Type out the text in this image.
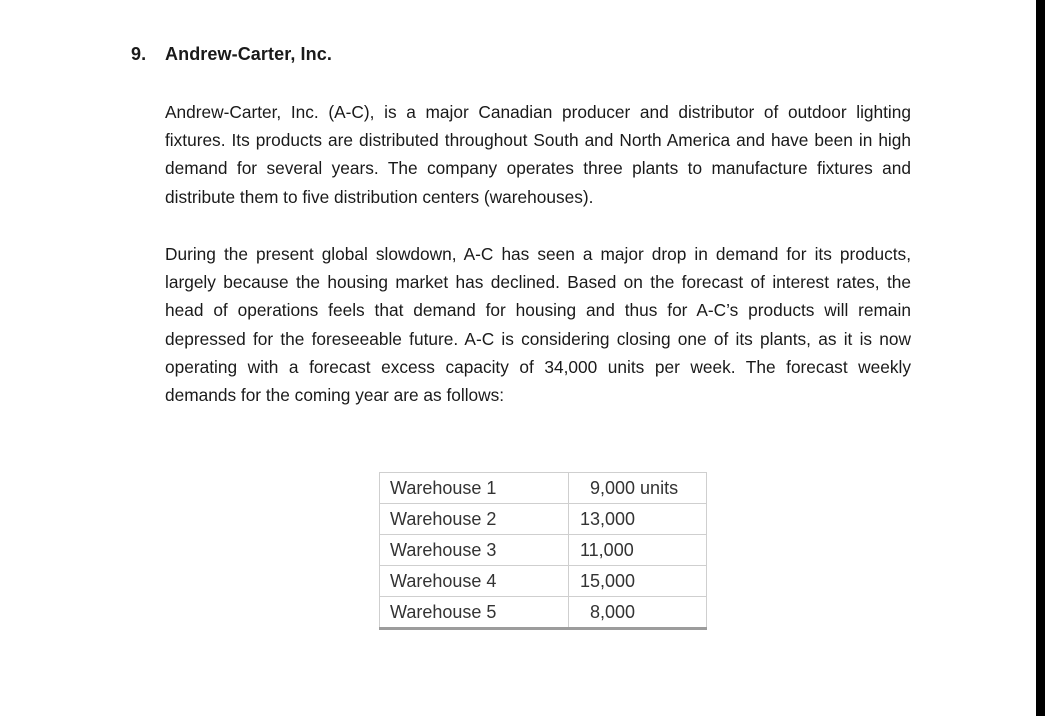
9. Andrew-Carter, Inc.

Andrew-Carter, Inc. (A-C), is a major Canadian producer and distributor of outdoor lighting fixtures. Its products are distributed throughout South and North America and have been in high demand for several years. The company operates three plants to manufacture fixtures and distribute them to five distribution centers (warehouses).

During the present global slowdown, A-C has seen a major drop in demand for its products, largely because the housing market has declined. Based on the forecast of interest rates, the head of operations feels that demand for housing and thus for A-C’s products will remain depressed for the foreseeable future. A-C is considering closing one of its plants, as it is now operating with a forecast excess capacity of 34,000 units per week. The forecast weekly demands for the coming year are as follows:

Warehouse 1	9,000 units
Warehouse 2	13,000
Warehouse 3	11,000
Warehouse 4	15,000
Warehouse 5	8,000
